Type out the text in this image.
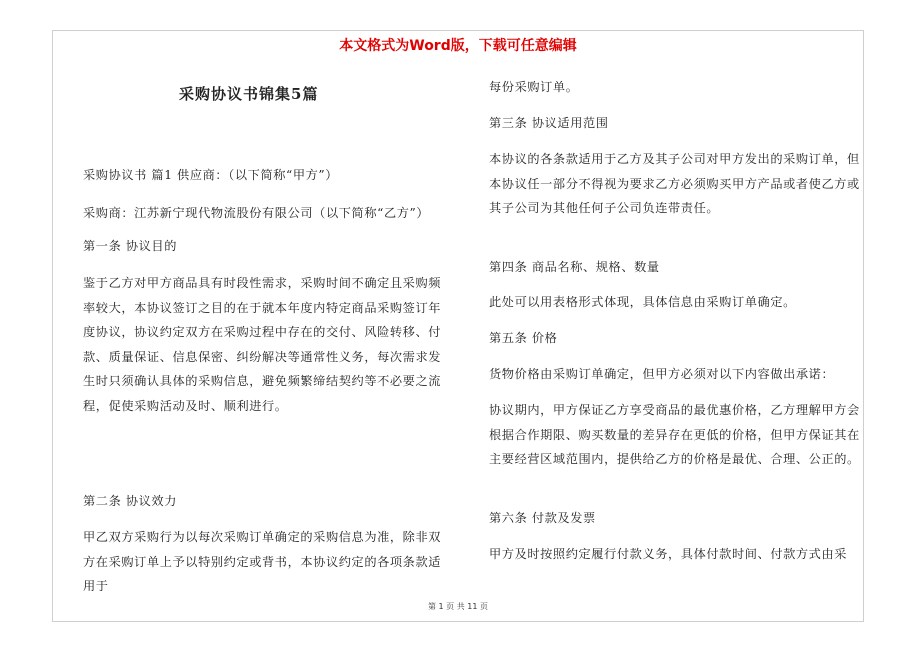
本文格式为Word版，下载可任意编辑
采购协议书锦集5篇

采购协议书 篇1 供应商：（以下简称“甲方”）

采购商：江苏新宁现代物流股份有限公司（以下简称“乙方”）

第一条 协议目的

鉴于乙方对甲方商品具有时段性需求，采购时间不确定且采购频率较大，本协议签订之目的在于就本年度内特定商品采购签订年度协议，协议约定双方在采购过程中存在的交付、风险转移、付款、质量保证、信息保密、纠纷解决等通常性义务，每次需求发生时只须确认具体的采购信息，避免频繁缔结契约等不必要之流程，促使采购活动及时、顺利进行。

第二条 协议效力

甲乙双方采购行为以每次采购订单确定的采购信息为准，除非双方在采购订单上予以特别约定或背书，本协议约定的各项条款适用于

每份采购订单。

第三条 协议适用范围

本协议的各条款适用于乙方及其子公司对甲方发出的采购订单，但本协议任一部分不得视为要求乙方必须购买甲方产品或者使乙方或其子公司为其他任何子公司负连带责任。

第四条 商品名称、规格、数量

此处可以用表格形式体现，具体信息由采购订单确定。

第五条 价格

货物价格由采购订单确定，但甲方必须对以下内容做出承诺：

协议期内，甲方保证乙方享受商品的最优惠价格，乙方理解甲方会根据合作期限、购买数量的差异存在更低的价格，但甲方保证其在主要经营区域范围内，提供给乙方的价格是最优、合理、公正的。

第六条 付款及发票

甲方及时按照约定履行付款义务，具体付款时间、付款方式由采

第 1 页 共 11 页
